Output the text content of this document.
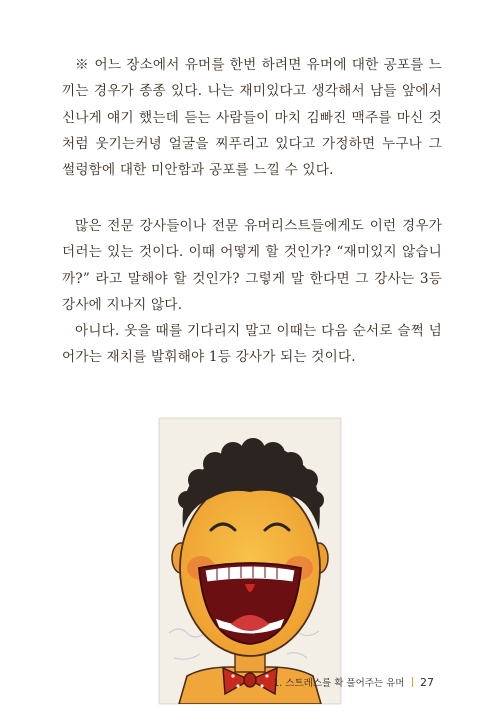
※ 어느 장소에서 유머를 한번 하려면 유머에 대한 공포를 느끼는 경우가 종종 있다. 나는 재미있다고 생각해서 남들 앞에서 신나게 얘기 했는데 듣는 사람들이 마치 김빠진 맥주를 마신 것처럼 웃기는커녕 얼굴을 찌푸리고 있다고 가정하면 누구나 그 썰렁함에 대한 미안함과 공포를 느낄 수 있다.

많은 전문 강사들이나 전문 유머리스트들에게도 이런 경우가 더러는 있는 것이다. 이때 어떻게 할 것인가? “재미있지 않습니까?” 라고 말해야 할 것인가? 그렇게 말 한다면 그 강사는 3등 강사에 지나지 않다.

아니다. 웃을 때를 기다리지 말고 이때는 다음 순서로 슬쩍 넘어가는 재치를 발휘해야 1등 강사가 되는 것이다.

1. 스트레스를 확 풀어주는 유머 27
